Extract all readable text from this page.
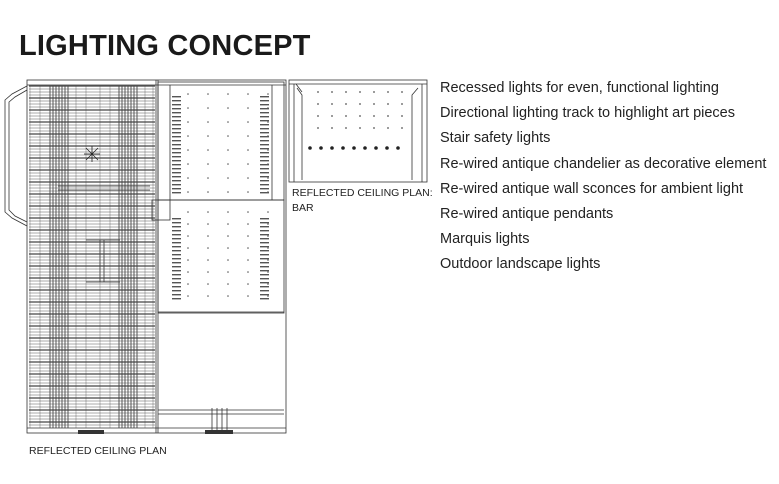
LIGHTING CONCEPT
REFLECTED CEILING PLAN
REFLECTED CEILING PLAN:
BAR
Recessed lights for even, functional lighting
Directional lighting track to highlight art pieces
Stair safety lights
Re-wired antique chandelier as decorative element
Re-wired antique wall sconces for ambient light
Re-wired antique pendants
Marquis lights
Outdoor landscape lights
